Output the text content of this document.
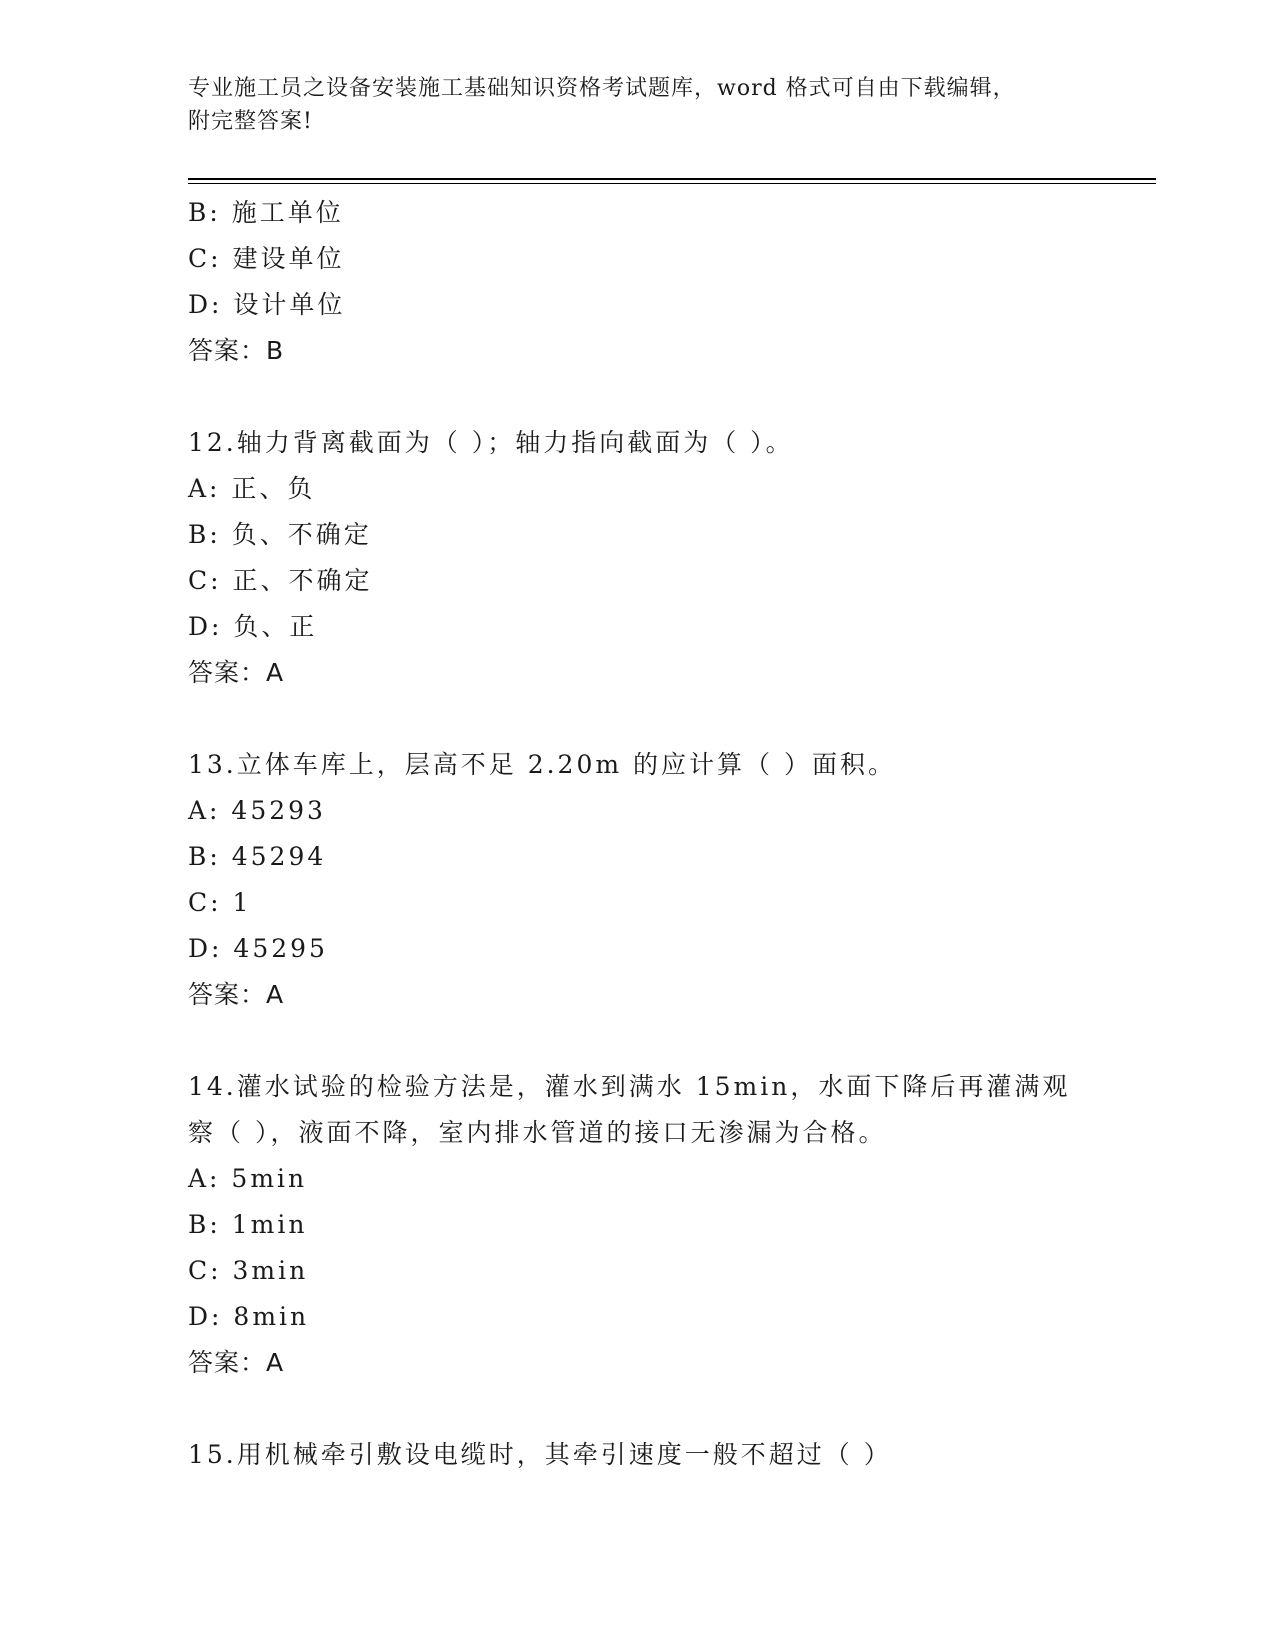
专业施工员之设备安装施工基础知识资格考试题库，word 格式可自由下载编辑，
附完整答案!
B: 施工单位
C: 建设单位
D: 设计单位
答案：B
12.轴力背离截面为（ ）；轴力指向截面为（ ）。
A: 正、负
B: 负、不确定
C: 正、不确定
D: 负、正
答案：A
13.立体车库上，层高不足 2.20m 的应计算（ ）面积。
A: 45293
B: 45294
C: 1
D: 45295
答案：A
14.灌水试验的检验方法是，灌水到满水 15min，水面下降后再灌满观
察（ ），液面不降，室内排水管道的接口无渗漏为合格。
A: 5min
B: 1min
C: 3min
D: 8min
答案：A
15.用机械牵引敷设电缆时，其牵引速度一般不超过（ ）
